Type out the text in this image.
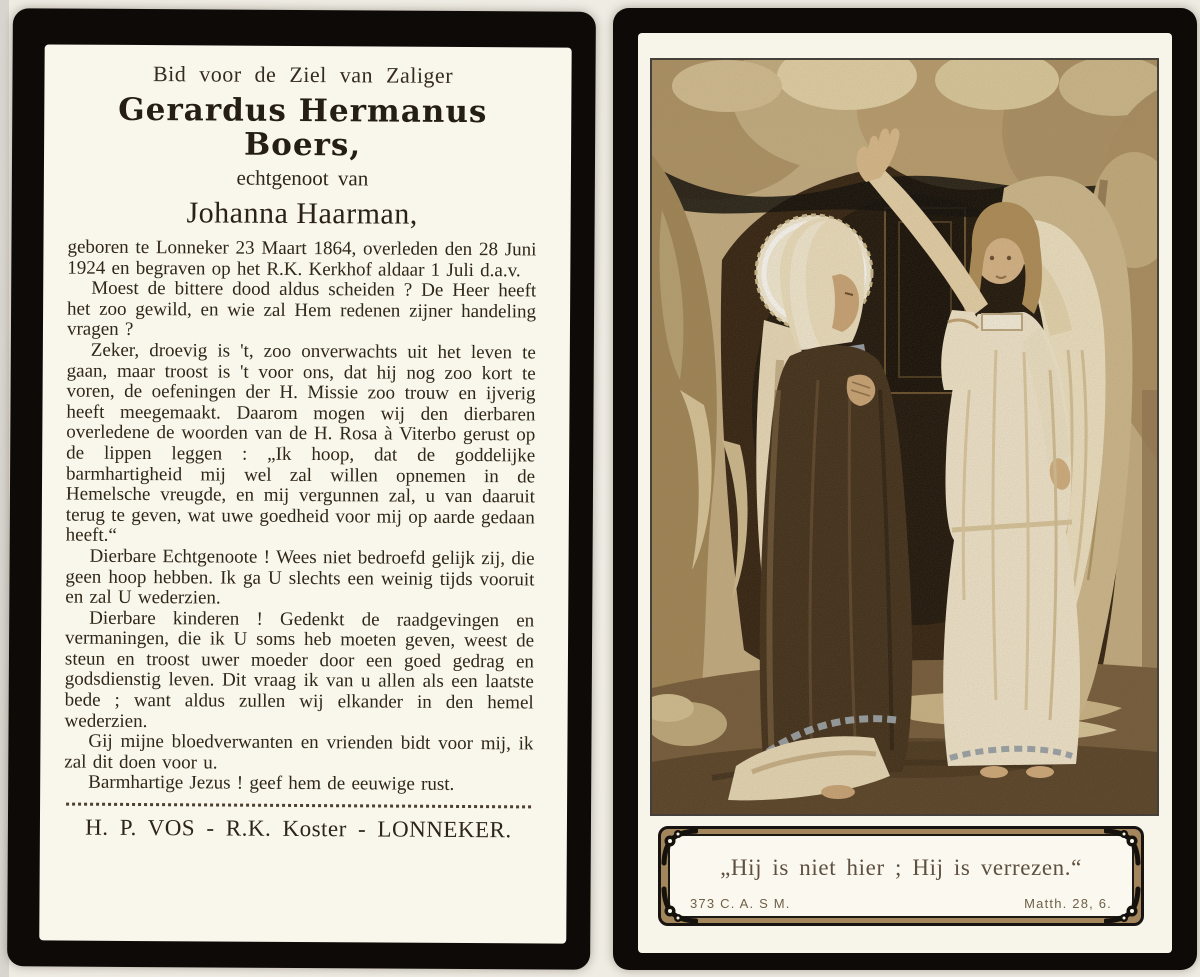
Bid voor de Ziel van Zaliger
Gerardus Hermanus Boers,
echtgenoot van
Johanna Haarman,

geboren te Lonneker 23 Maart 1864, overleden den 28 Juni 1924 en begraven op het R.K. Kerkhof aldaar 1 Juli d.a.v.

Moest de bittere dood aldus scheiden ? De Heer heeft het zoo gewild, en wie zal Hem redenen zijner handeling vragen ?

Zeker, droevig is 't, zoo onverwachts uit het leven te gaan, maar troost is 't voor ons, dat hij nog zoo kort te voren, de oefeningen der H. Missie zoo trouw en ijverig heeft meegemaakt. Daarom mogen wij den dierbaren overledene de woorden van de H. Rosa à Viterbo gerust op de lippen leggen : „Ik hoop, dat de goddelijke barmhartigheid mij wel zal willen opnemen in de Hemelsche vreugde, en mij vergunnen zal, u van daaruit terug te geven, wat uwe goedheid voor mij op aarde gedaan heeft.“

Dierbare Echtgenoote ! Wees niet bedroefd gelijk zij, die geen hoop hebben. Ik ga U slechts een weinig tijds vooruit en zal U wederzien.

Dierbare kinderen ! Gedenkt de raadgevingen en vermaningen, die ik U soms heb moeten geven, weest de steun en troost uwer moeder door een goed gedrag en godsdienstig leven. Dit vraag ik van u allen als een laatste bede ; want aldus zullen wij elkander in den hemel wederzien.

Gij mijne bloedverwanten en vrienden bidt voor mij, ik zal dit doen voor u.

Barmhartige Jezus ! geef hem de eeuwige rust.

H. P. VOS - R.K. Koster - LONNEKER.
„Hij is niet hier ; Hij is verrezen.“
373 C. A. S M.	Matth. 28, 6.
